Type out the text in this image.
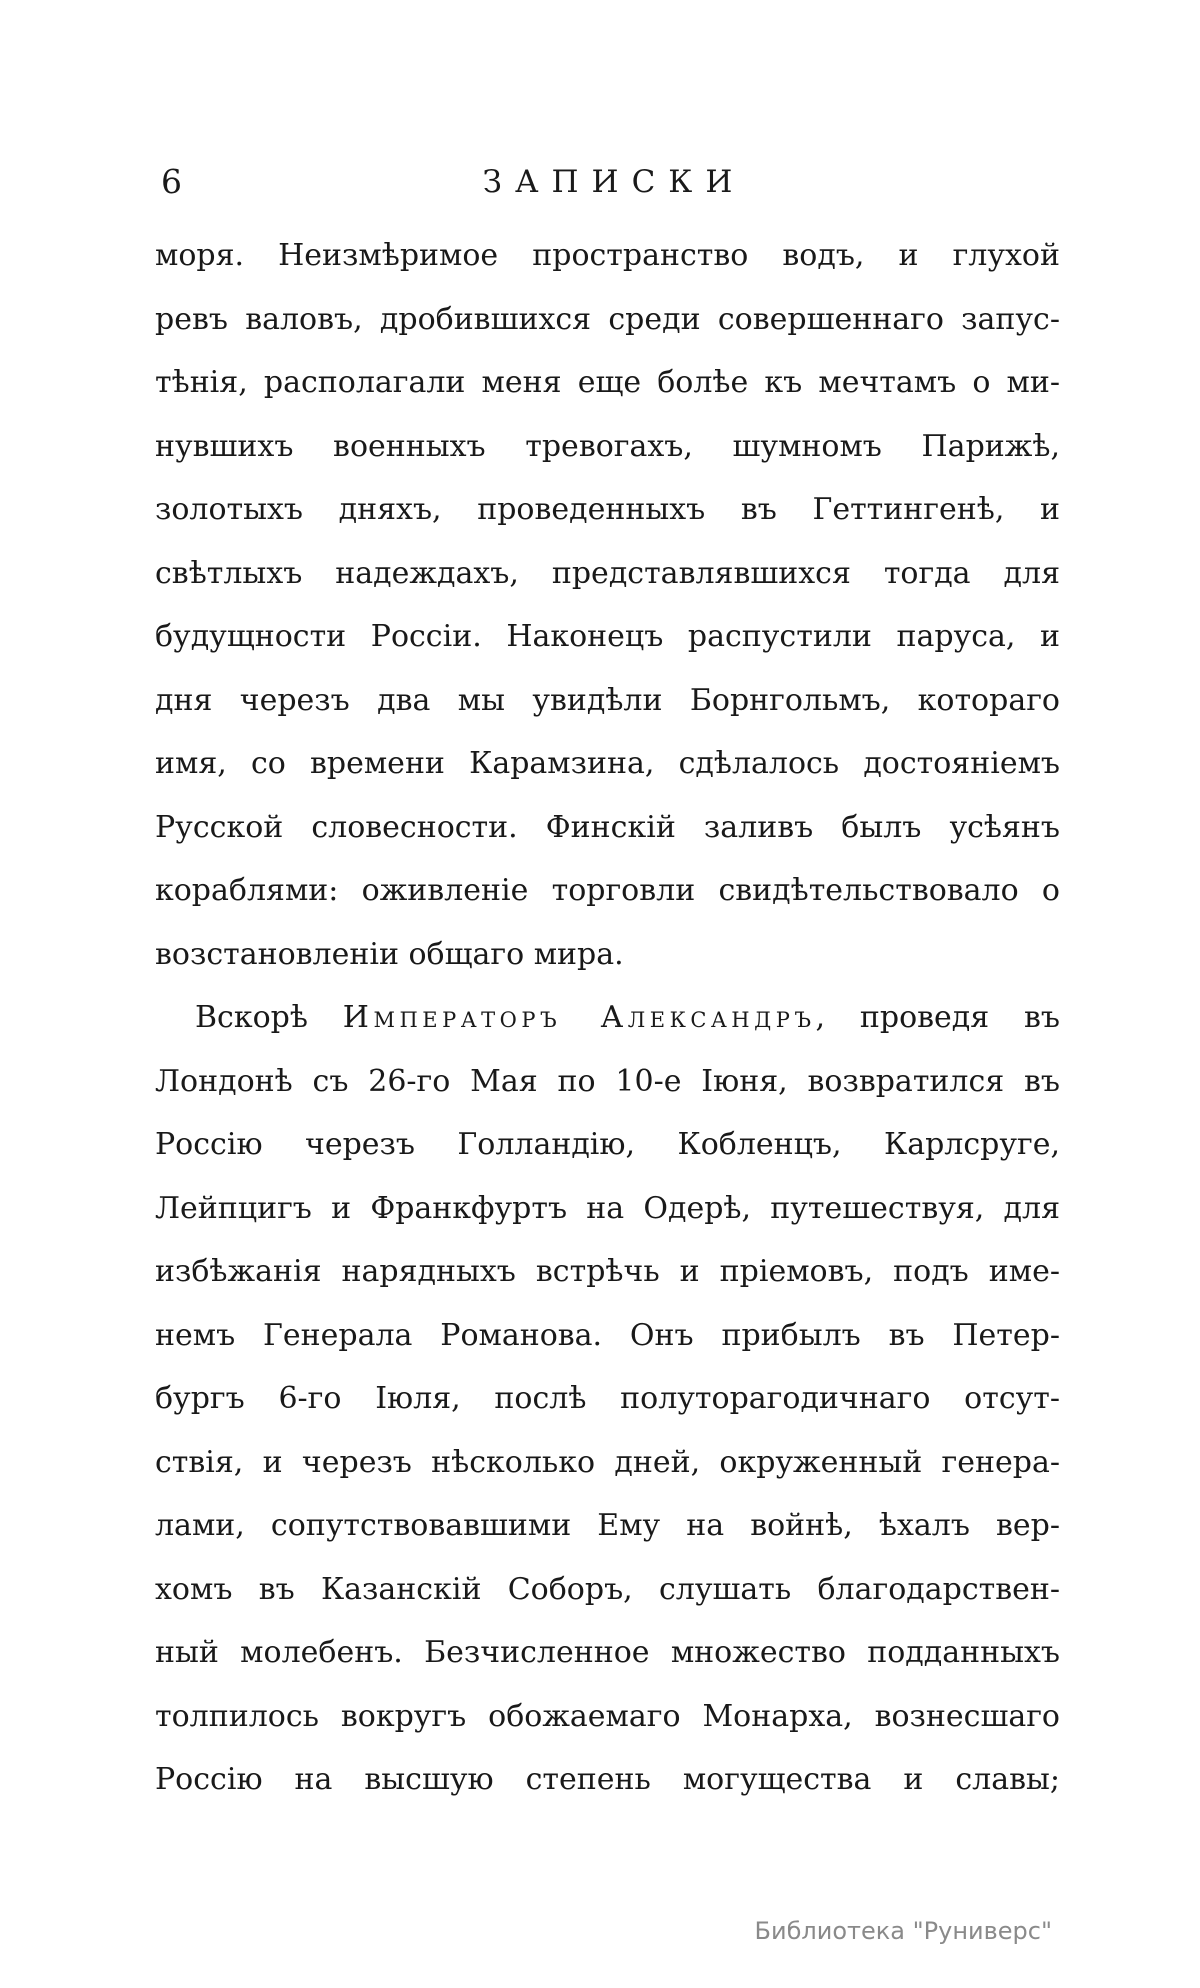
6	ЗАПИСКИ
моря. Неизмѣримое пространство водъ, и глухой
ревъ валовъ, дробившихся среди совершеннаго запус-
тѣнія, располагали меня еще болѣе къ мечтамъ о ми-
нувшихъ военныхъ тревогахъ, шумномъ Парижѣ,
золотыхъ дняхъ, проведенныхъ въ Геттингенѣ, и
свѣтлыхъ надеждахъ, представлявшихся тогда для
будущности Россіи. Наконецъ распустили паруса, и
дня черезъ два мы увидѣли Борнгольмъ, котораго
имя, со времени Карамзина, сдѣлалось достояніемъ
Русской словесности. Финскій заливъ былъ усѣянъ
кораблями: оживленіе торговли свидѣтельствовало о
возстановленіи общаго мира.
Вскорѣ Императоръ Александръ, проведя въ
Лондонѣ съ 26-го Мая по 10-е Іюня, возвратился въ
Россію черезъ Голландію, Кобленцъ, Карлсруге,
Лейпцигъ и Франкфуртъ на Одерѣ, путешествуя, для
избѣжанія нарядныхъ встрѣчь и пріемовъ, подъ име-
немъ Генерала Романова. Онъ прибылъ въ Петер-
бургъ 6-го Іюля, послѣ полуторагодичнаго отсут-
ствія, и черезъ нѣсколько дней, окруженный генера-
лами, сопутствовавшими Ему на войнѣ, ѣхалъ вер-
хомъ въ Казанскій Соборъ, слушать благодарствен-
ный молебенъ. Безчисленное множество подданныхъ
толпилось вокругъ обожаемаго Монарха, вознесшаго
Россію на высшую степень могущества и славы;
Библиотека "Руниверс"
